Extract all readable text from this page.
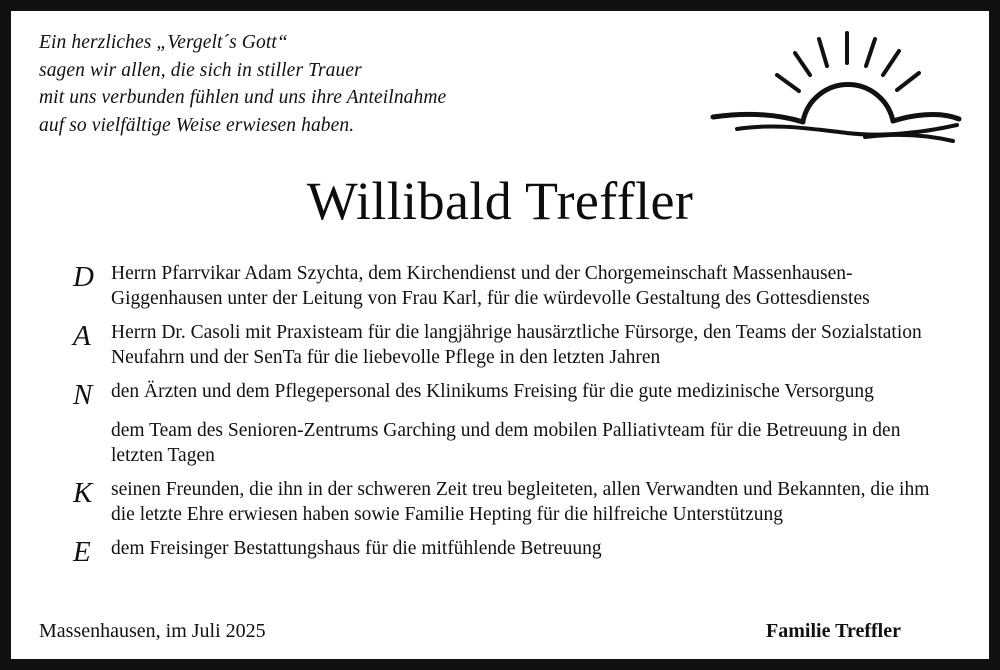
Ein herzliches „Vergelt´s Gott“
sagen wir allen, die sich in stiller Trauer
mit uns verbunden fühlen und uns ihre Anteilnahme
auf so vielfältige Weise erwiesen haben.
Willibald Treffler
D Herrn Pfarrvikar Adam Szychta, dem Kirchendienst und der Chorgemeinschaft Massenhausen-Giggenhausen unter der Leitung von Frau Karl, für die würdevolle Gestaltung des Gottesdienstes
A	Herrn Dr. Casoli mit Praxisteam für die langjährige hausärztliche Fürsorge, den Teams der Sozialstation Neufahrn und der SenTa für die liebevolle Pflege in den letzten Jahren
N den Ärzten und dem Pflegepersonal des Klinikums Freising für die gute medizinische Versorgung
dem Team des Senioren-Zentrums Garching und dem mobilen Palliativteam für die Betreuung in den letzten Tagen
K seinen Freunden, die ihn in der schweren Zeit treu begleiteten, allen Verwandten und Bekannten, die ihm die letzte Ehre erwiesen haben sowie Familie Hepting für die hilfreiche Unterstützung
E	dem Freisinger Bestattungshaus für die mitfühlende Betreuung
Massenhausen, im Juli 2025	Familie Treffler
